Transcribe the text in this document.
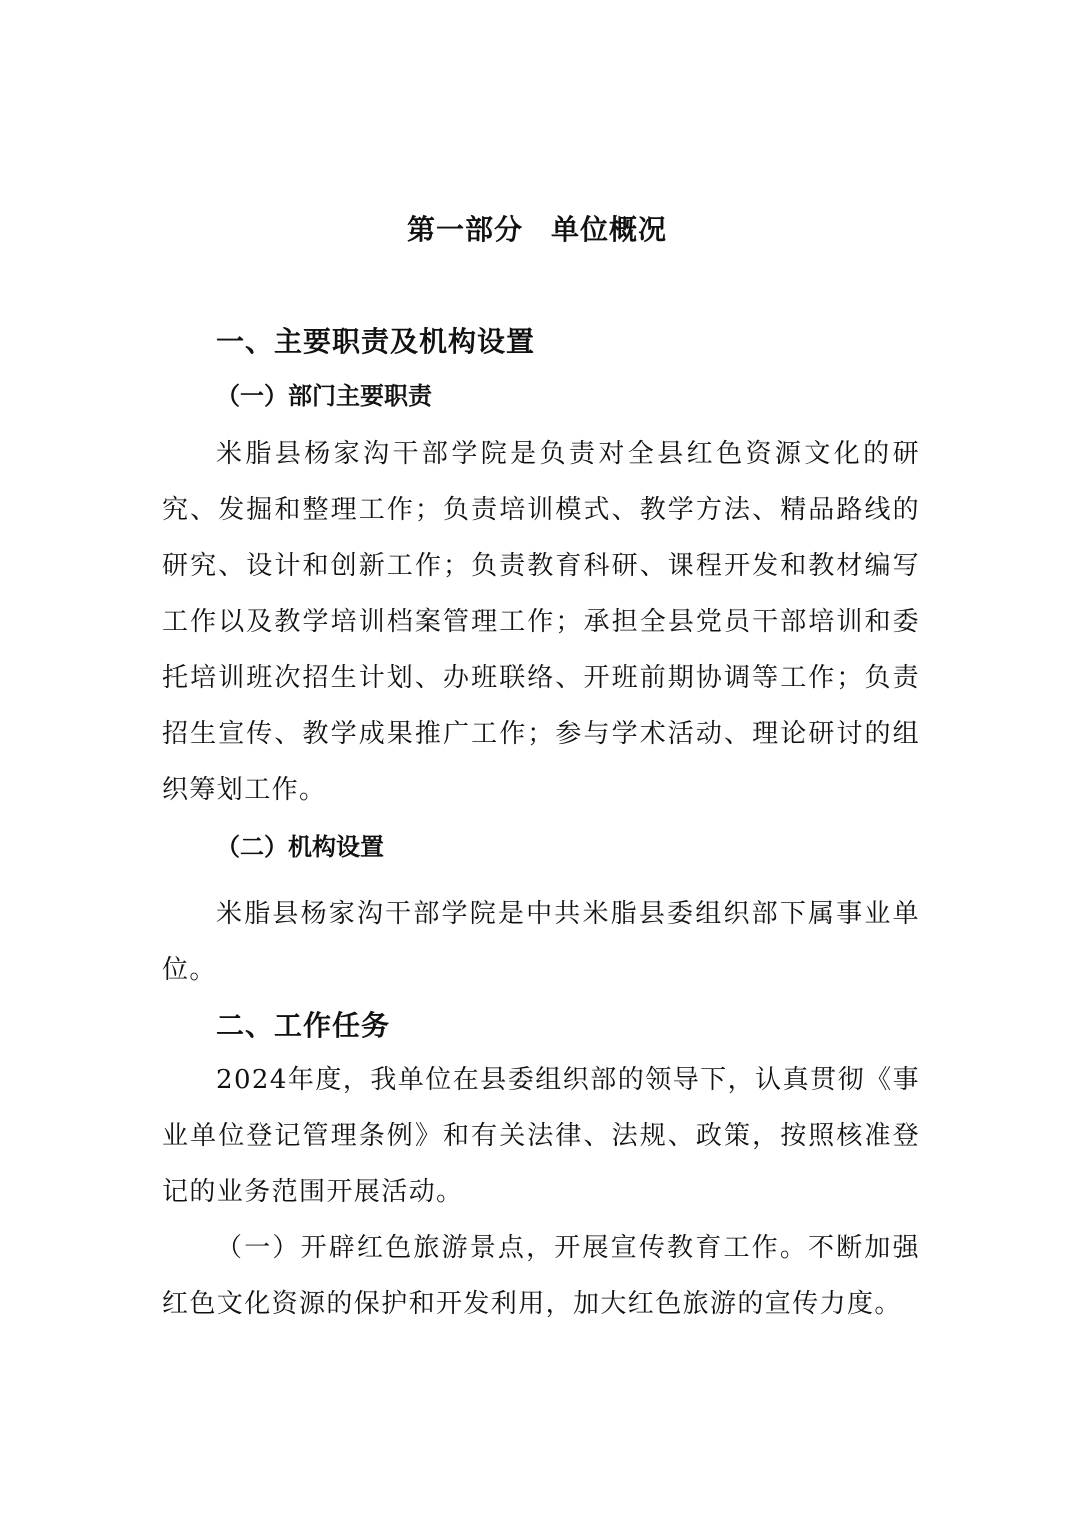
第一部分 单位概况
一、主要职责及机构设置
（一）部门主要职责

米脂县杨家沟干部学院是负责对全县红色资源文化的研究、发掘和整理工作；负责培训模式、教学方法、精品路线的研究、设计和创新工作；负责教育科研、课程开发和教材编写工作以及教学培训档案管理工作；承担全县党员干部培训和委托培训班次招生计划、办班联络、开班前期协调等工作；负责招生宣传、教学成果推广工作；参与学术活动、理论研讨的组织筹划工作。

（二）机构设置

米脂县杨家沟干部学院是中共米脂县委组织部下属事业单位。

二、工作任务

2024年度，我单位在县委组织部的领导下，认真贯彻《事业单位登记管理条例》和有关法律、法规、政策，按照核准登记的业务范围开展活动。

（一）开辟红色旅游景点，开展宣传教育工作。不断加强红色文化资源的保护和开发利用，加大红色旅游的宣传力度。
